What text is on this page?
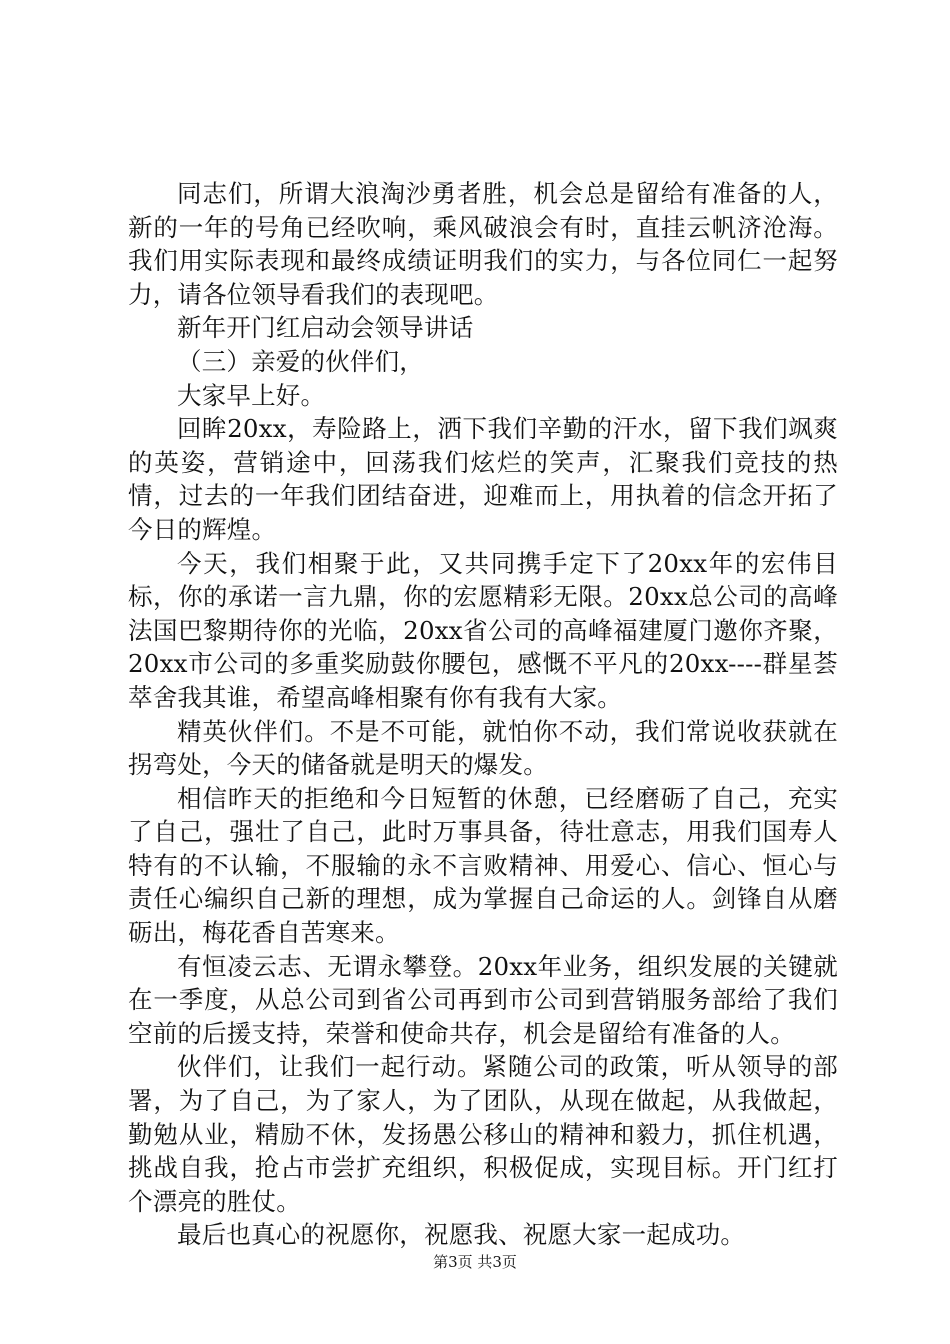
同志们，所谓大浪淘沙勇者胜，机会总是留给有准备的人，新的一年的号角已经吹响，乘风破浪会有时，直挂云帆济沧海。我们用实际表现和最终成绩证明我们的实力，与各位同仁一起努力，请各位领导看我们的表现吧。

新年开门红启动会领导讲话

（三）亲爱的伙伴们，

大家早上好。

回眸20xx，寿险路上，洒下我们辛勤的汗水，留下我们飒爽的英姿，营销途中，回荡我们炫烂的笑声，汇聚我们竞技的热情，过去的一年我们团结奋进，迎难而上，用执着的信念开拓了今日的辉煌。

今天，我们相聚于此，又共同携手定下了20xx年的宏伟目标，你的承诺一言九鼎，你的宏愿精彩无限。20xx总公司的高峰法国巴黎期待你的光临，20xx省公司的高峰福建厦门邀你齐聚，20xx市公司的多重奖励鼓你腰包，感慨不平凡的20xx----群星荟萃舍我其谁，希望高峰相聚有你有我有大家。

精英伙伴们。不是不可能，就怕你不动，我们常说收获就在拐弯处，今天的储备就是明天的爆发。

相信昨天的拒绝和今日短暂的休憩，已经磨砺了自己，充实了自己，强壮了自己，此时万事具备，待壮意志，用我们国寿人特有的不认输，不服输的永不言败精神、用爱心、信心、恒心与责任心编织自己新的理想，成为掌握自己命运的人。剑锋自从磨砺出，梅花香自苦寒来。

有恒凌云志、无谓永攀登。20xx年业务，组织发展的关键就在一季度，从总公司到省公司再到市公司到营销服务部给了我们空前的后援支持，荣誉和使命共存，机会是留给有准备的人。

伙伴们，让我们一起行动。紧随公司的政策，听从领导的部署，为了自己，为了家人，为了团队，从现在做起，从我做起，勤勉从业，精励不休，发扬愚公移山的精神和毅力，抓住机遇，挑战自我，抢占市尝扩充组织，积极促成，实现目标。开门红打个漂亮的胜仗。

最后也真心的祝愿你，祝愿我、祝愿大家一起成功。

第3页 共3页
